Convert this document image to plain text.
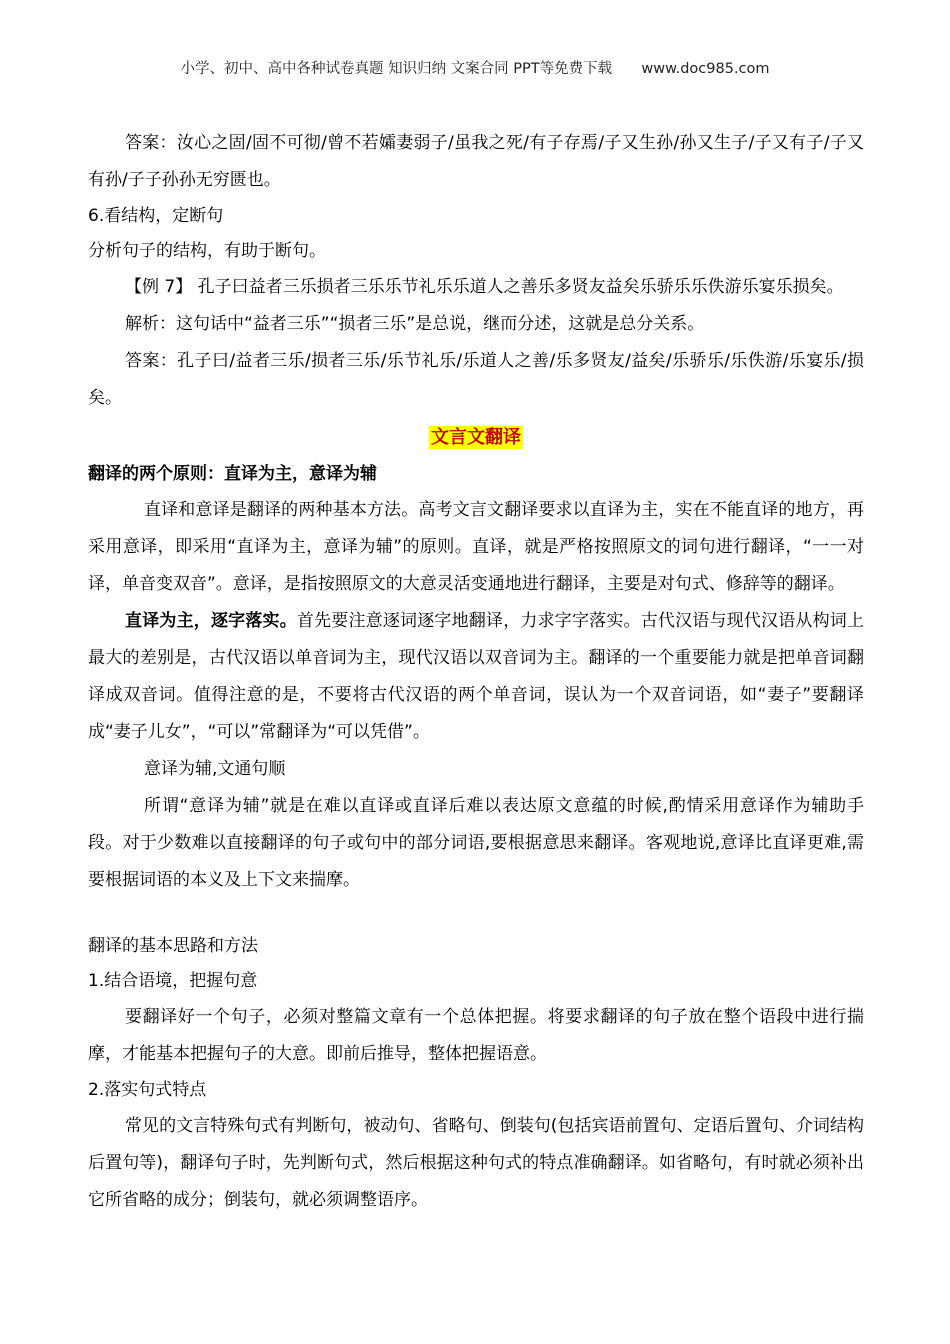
小学、初中、高中各种试卷真题 知识归纳 文案合同 PPT等免费下载 www.doc985.com

答案：汝心之固/固不可彻/曾不若孀妻弱子/虽我之死/有子存焉/子又生孙/孙又生子/子又有子/子又有孙/子子孙孙无穷匮也。

6.看结构，定断句

分析句子的结构，有助于断句。

【例 7】 孔子曰益者三乐损者三乐乐节礼乐乐道人之善乐多贤友益矣乐骄乐乐佚游乐宴乐损矣。

解析：这句话中“益者三乐”“损者三乐”是总说，继而分述，这就是总分关系。

答案：孔子曰/益者三乐/损者三乐/乐节礼乐/乐道人之善/乐多贤友/益矣/乐骄乐/乐佚游/乐宴乐/损矣。

文言文翻译

翻译的两个原则：直译为主，意译为辅

直译和意译是翻译的两种基本方法。高考文言文翻译要求以直译为主，实在不能直译的地方，再采用意译，即采用“直译为主，意译为辅”的原则。直译，就是严格按照原文的词句进行翻译，“一一对译，单音变双音”。意译，是指按照原文的大意灵活变通地进行翻译，主要是对句式、修辞等的翻译。

直译为主，逐字落实。首先要注意逐词逐字地翻译，力求字字落实。古代汉语与现代汉语从构词上最大的差别是，古代汉语以单音词为主，现代汉语以双音词为主。翻译的一个重要能力就是把单音词翻译成双音词。值得注意的是，不要将古代汉语的两个单音词，误认为一个双音词语，如“妻子”要翻译成“妻子儿女”，“可以”常翻译为“可以凭借”。

意译为辅,文通句顺

所谓“意译为辅”就是在难以直译或直译后难以表达原文意蕴的时候,酌情采用意译作为辅助手段。对于少数难以直接翻译的句子或句中的部分词语,要根据意思来翻译。客观地说,意译比直译更难,需要根据词语的本义及上下文来揣摩。

翻译的基本思路和方法

1.结合语境，把握句意

要翻译好一个句子，必须对整篇文章有一个总体把握。将要求翻译的句子放在整个语段中进行揣摩，才能基本把握句子的大意。即前后推导，整体把握语意。

2.落实句式特点

常见的文言特殊句式有判断句，被动句、省略句、倒装句(包括宾语前置句、定语后置句、介词结构后置句等)，翻译句子时，先判断句式，然后根据这种句式的特点准确翻译。如省略句，有时就必须补出它所省略的成分；倒装句，就必须调整语序。
